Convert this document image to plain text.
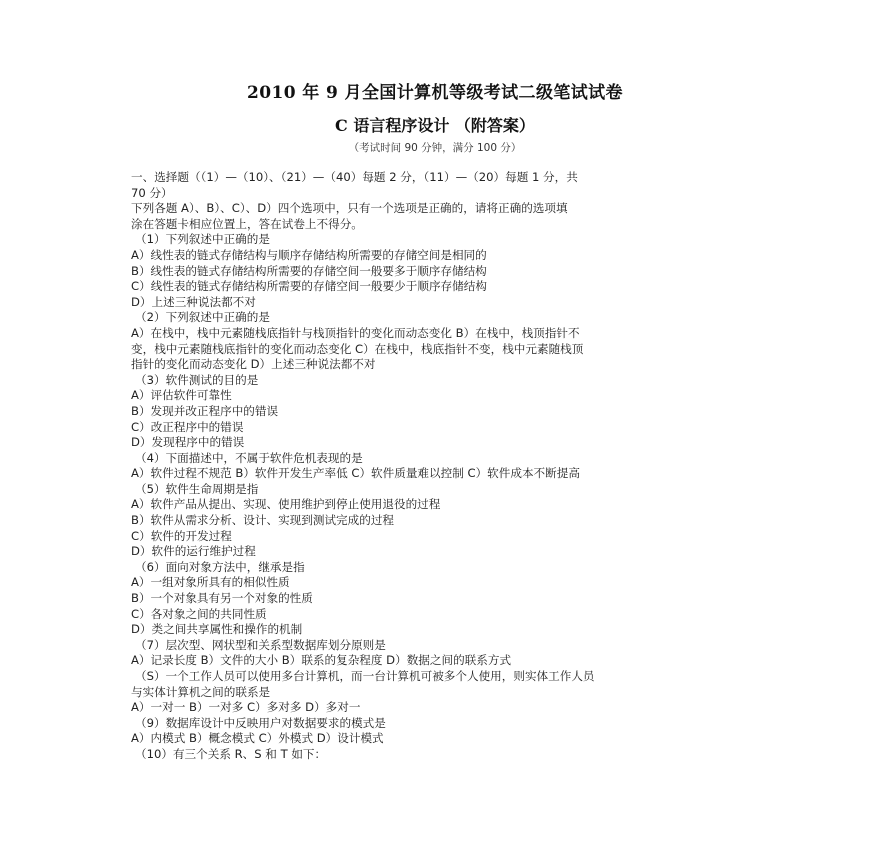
2010 年 9 月全国计算机等级考试二级笔试试卷
C 语言程序设计 （附答案）
（考试时间 90 分钟，满分 100 分）
一、选择题（（1）—（10）、（21）—（40）每题 2 分，（11）—（20）每题 1 分，共
70 分）
下列各题 A）、B）、C）、D）四个选项中，只有一个选项是正确的，请将正确的选项填
涂在答题卡相应位置上，答在试卷上不得分。
（1）下列叙述中正确的是
A）线性表的链式存储结构与顺序存储结构所需要的存储空间是相同的
B）线性表的链式存储结构所需要的存储空间一般要多于顺序存储结构
C）线性表的链式存储结构所需要的存储空间一般要少于顺序存储结构
D）上述三种说法都不对
（2）下列叙述中正确的是
A）在栈中，栈中元素随栈底指针与栈顶指针的变化而动态变化 B）在栈中，栈顶指针不
变，栈中元素随栈底指针的变化而动态变化 C）在栈中，栈底指针不变，栈中元素随栈顶
指针的变化而动态变化 D）上述三种说法都不对
（3）软件测试的目的是
A）评估软件可靠性
B）发现并改正程序中的错误
C）改正程序中的错误
D）发现程序中的错误
（4）下面描述中，不属于软件危机表现的是
A）软件过程不规范 B）软件开发生产率低 C）软件质量难以控制 C）软件成本不断提高
（5）软件生命周期是指
A）软件产品从提出、实现、使用维护到停止使用退役的过程
B）软件从需求分析、设计、实现到测试完成的过程
C）软件的开发过程
D）软件的运行维护过程
（6）面向对象方法中，继承是指
A）一组对象所具有的相似性质
B）一个对象具有另一个对象的性质
C）各对象之间的共同性质
D）类之间共享属性和操作的机制
（7）层次型、网状型和关系型数据库划分原则是
A）记录长度 B）文件的大小 B）联系的复杂程度 D）数据之间的联系方式
（S）一个工作人员可以使用多台计算机，而一台计算机可被多个人使用，则实体工作人员
与实体计算机之间的联系是
A）一对一 B）一对多 C）多对多 D）多对一
（9）数据库设计中反映用户对数据要求的模式是
A）内模式 B）概念模式 C）外模式 D）设计模式
（10）有三个关系 R、S 和 T 如下：
